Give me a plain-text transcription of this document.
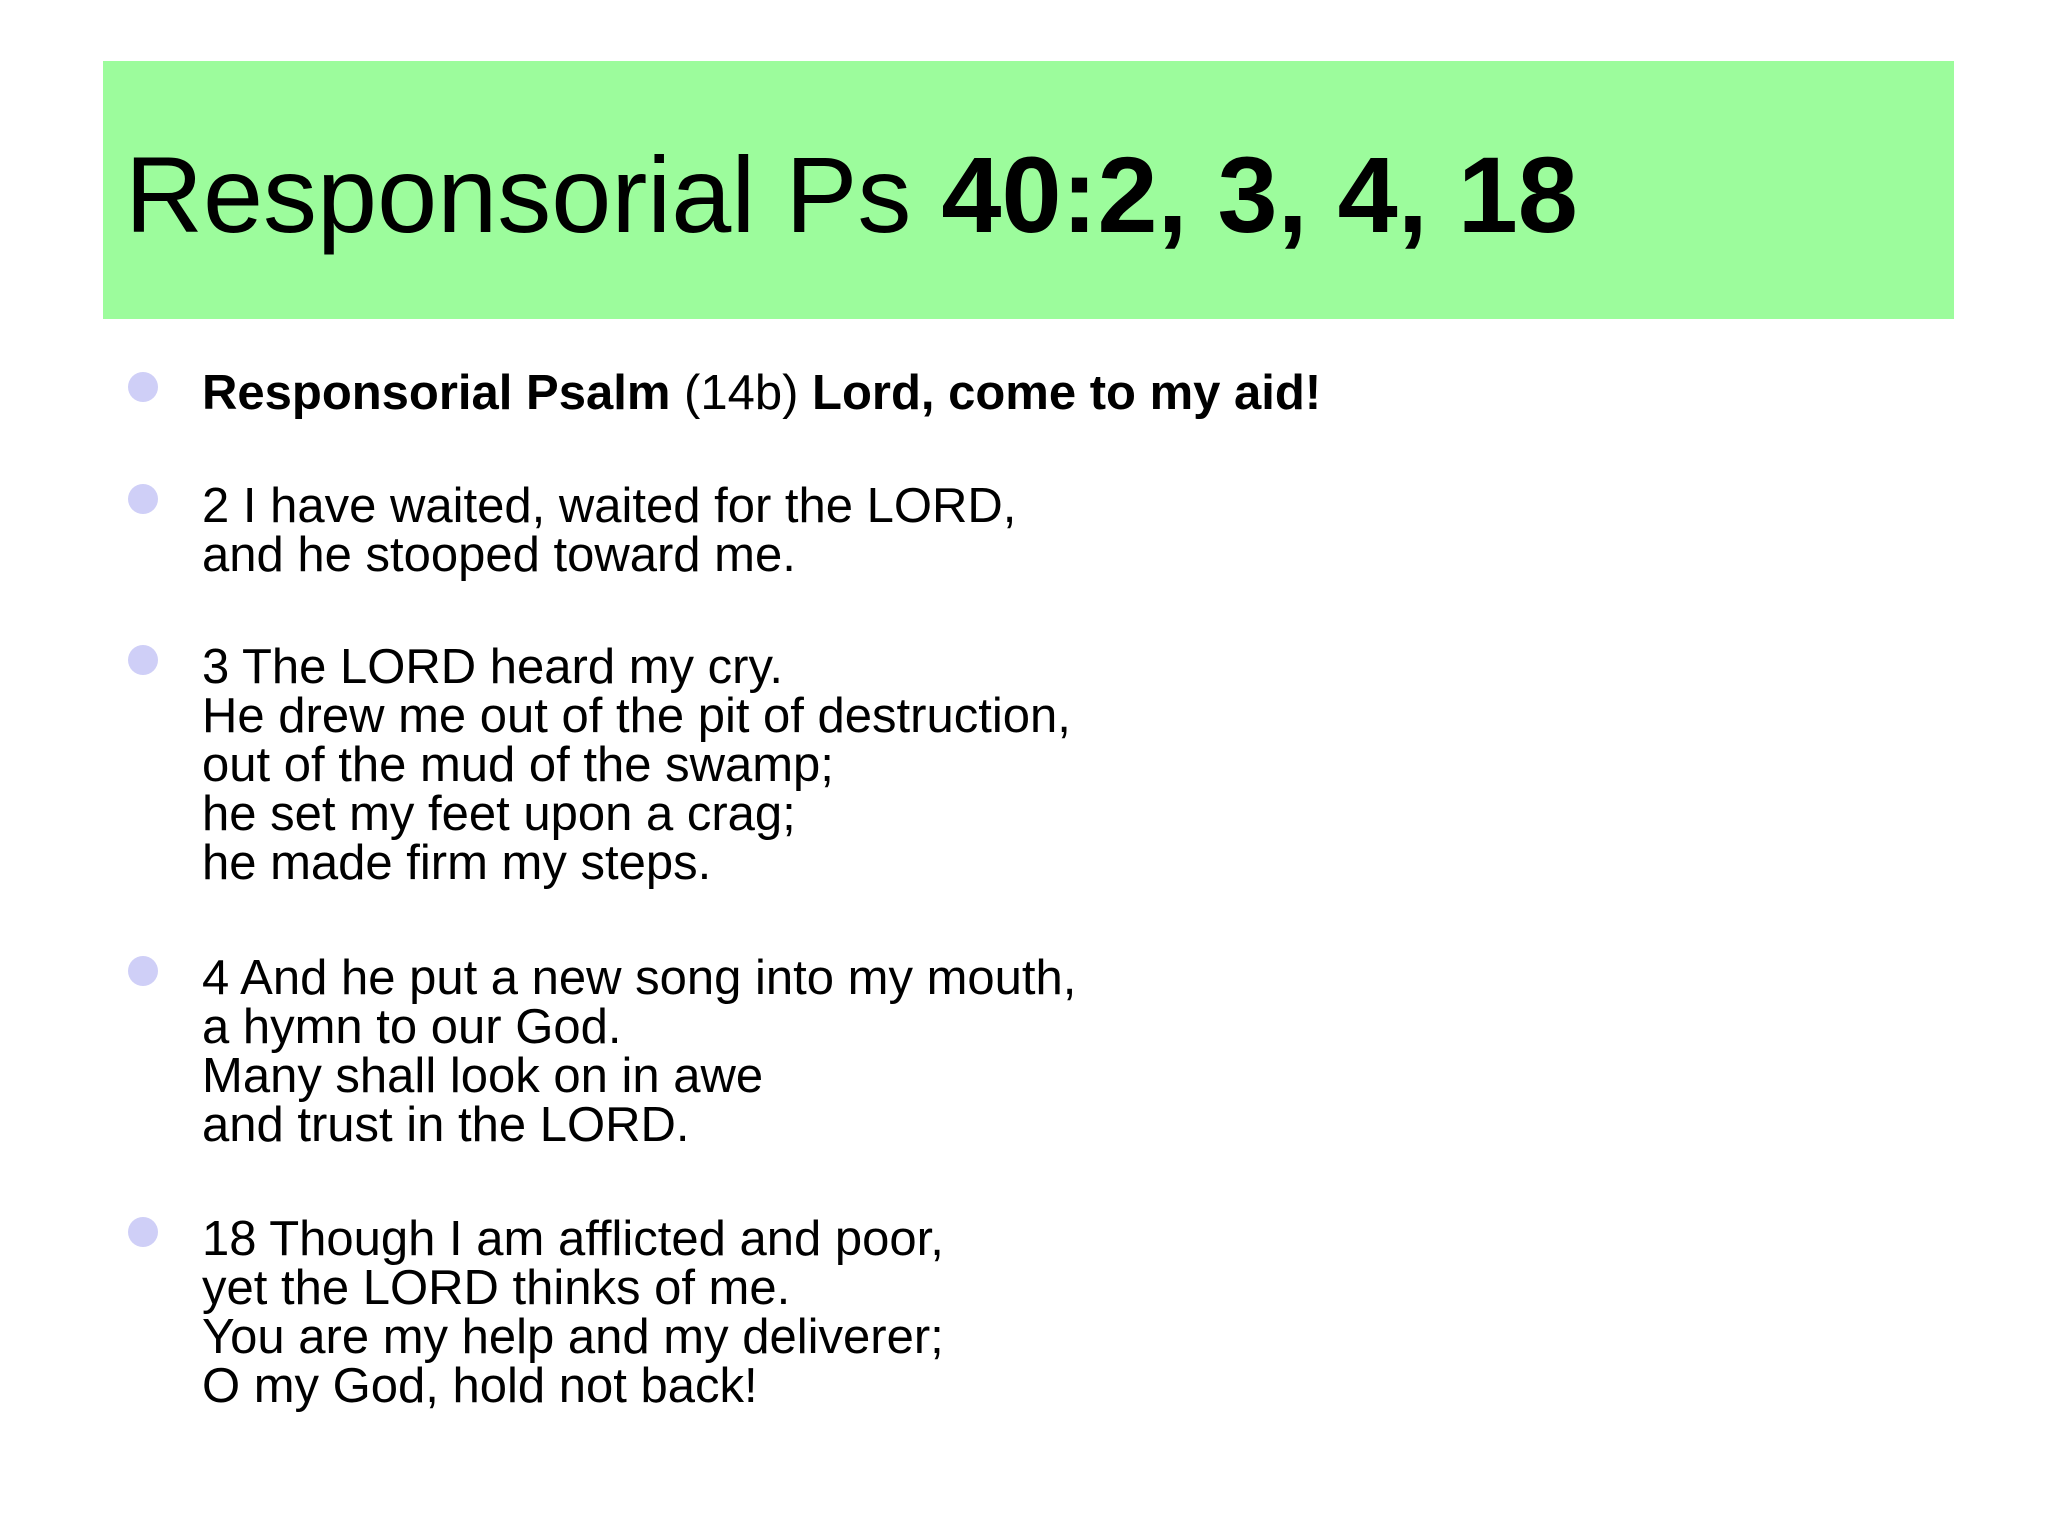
Responsorial Ps 40:2, 3, 4, 18
Responsorial Psalm (14b) Lord, come to my aid!
2 I have waited, waited for the LORD,
and he stooped toward me.
3 The LORD heard my cry.
He drew me out of the pit of destruction,
out of the mud of the swamp;
he set my feet upon a crag;
he made firm my steps.
4 And he put a new song into my mouth,
a hymn to our God.
Many shall look on in awe
and trust in the LORD.
18 Though I am afflicted and poor,
yet the LORD thinks of me.
You are my help and my deliverer;
O my God, hold not back!
